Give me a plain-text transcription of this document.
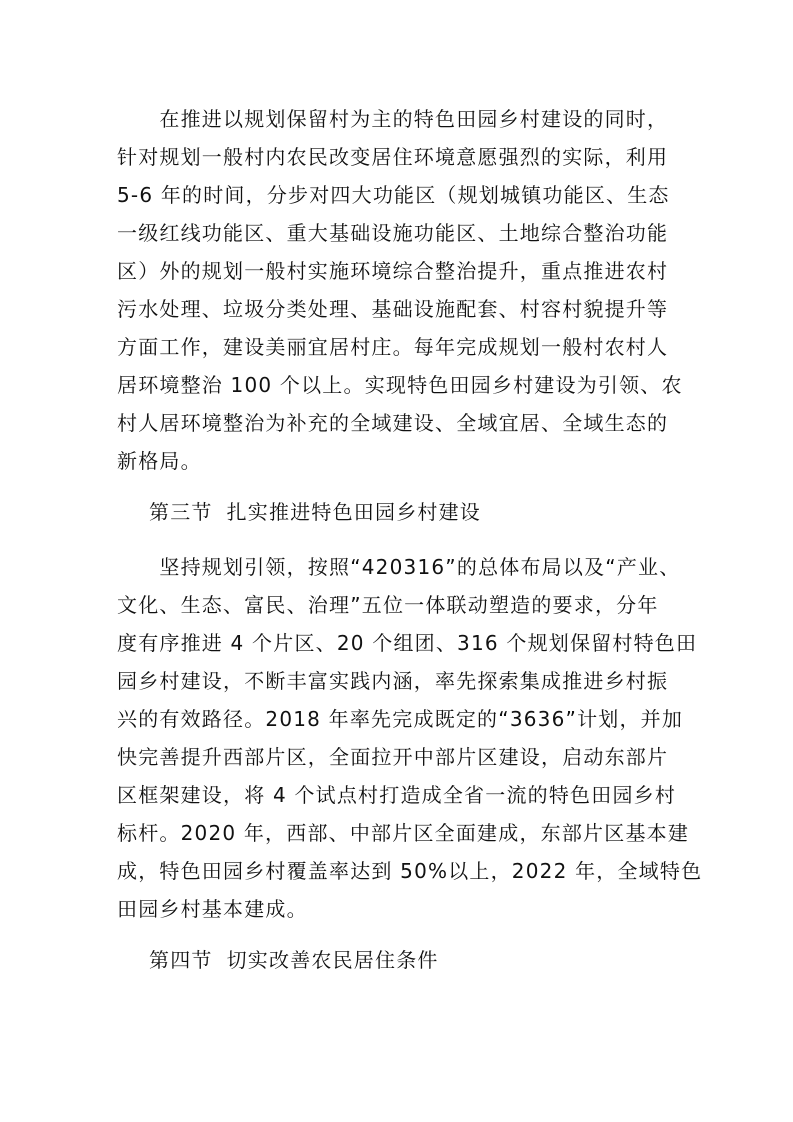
　　在推进以规划保留村为主的特色田园乡村建设的同时，
针对规划一般村内农民改变居住环境意愿强烈的实际，利用
5-6 年的时间，分步对四大功能区（规划城镇功能区、生态
一级红线功能区、重大基础设施功能区、土地综合整治功能
区）外的规划一般村实施环境综合整治提升，重点推进农村
污水处理、垃圾分类处理、基础设施配套、村容村貌提升等
方面工作，建设美丽宜居村庄。每年完成规划一般村农村人
居环境整治 100 个以上。实现特色田园乡村建设为引领、农
村人居环境整治为补充的全域建设、全域宜居、全域生态的
新格局。
第三节 扎实推进特色田园乡村建设
　　坚持规划引领，按照“420316”的总体布局以及“产业、
文化、生态、富民、治理”五位一体联动塑造的要求，分年
度有序推进 4 个片区、20 个组团、316 个规划保留村特色田
园乡村建设，不断丰富实践内涵，率先探索集成推进乡村振
兴的有效路径。2018 年率先完成既定的“3636”计划，并加
快完善提升西部片区，全面拉开中部片区建设，启动东部片
区框架建设，将 4 个试点村打造成全省一流的特色田园乡村
标杆。2020 年，西部、中部片区全面建成，东部片区基本建
成，特色田园乡村覆盖率达到 50%以上，2022 年，全域特色
田园乡村基本建成。
第四节 切实改善农民居住条件
